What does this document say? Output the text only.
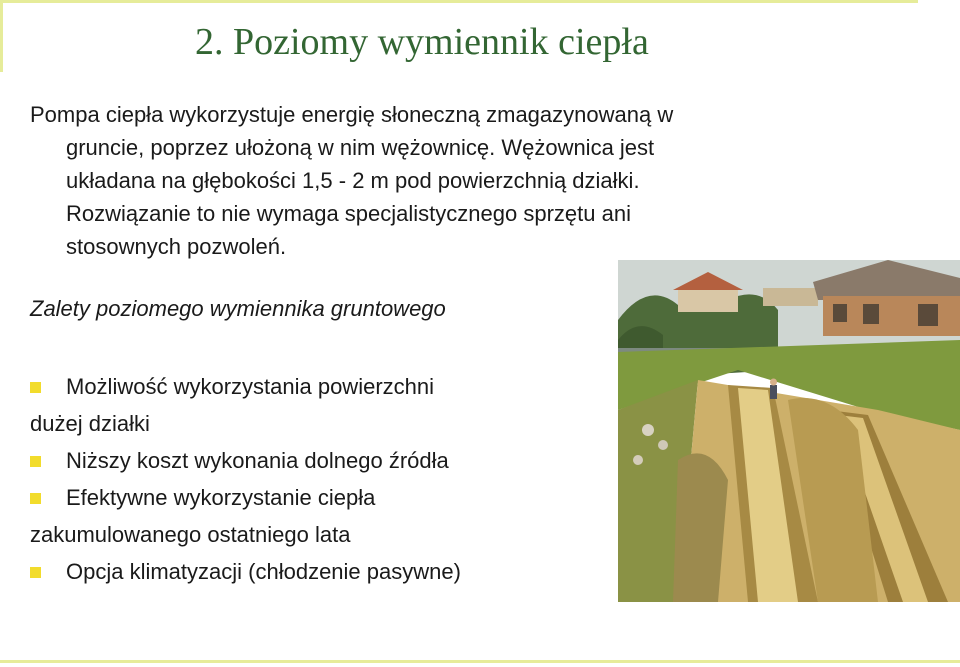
2. Poziomy wymiennik ciepła
Pompa ciepła wykorzystuje energię słoneczną zmagazynowaną w
gruncie, poprzez ułożoną w nim wężownicę. Wężownica jest
układana na głębokości 1,5 - 2 m pod powierzchnią działki.
Rozwiązanie to nie wymaga specjalistycznego sprzętu ani
stosownych pozwoleń.

Zalety poziomego wymiennika gruntowego

Możliwość wykorzystania powierzchni
dużej działki
Niższy koszt wykonania dolnego źródła
Efektywne wykorzystanie ciepła
zakumulowanego ostatniego lata
Opcja klimatyzacji (chłodzenie pasywne)
